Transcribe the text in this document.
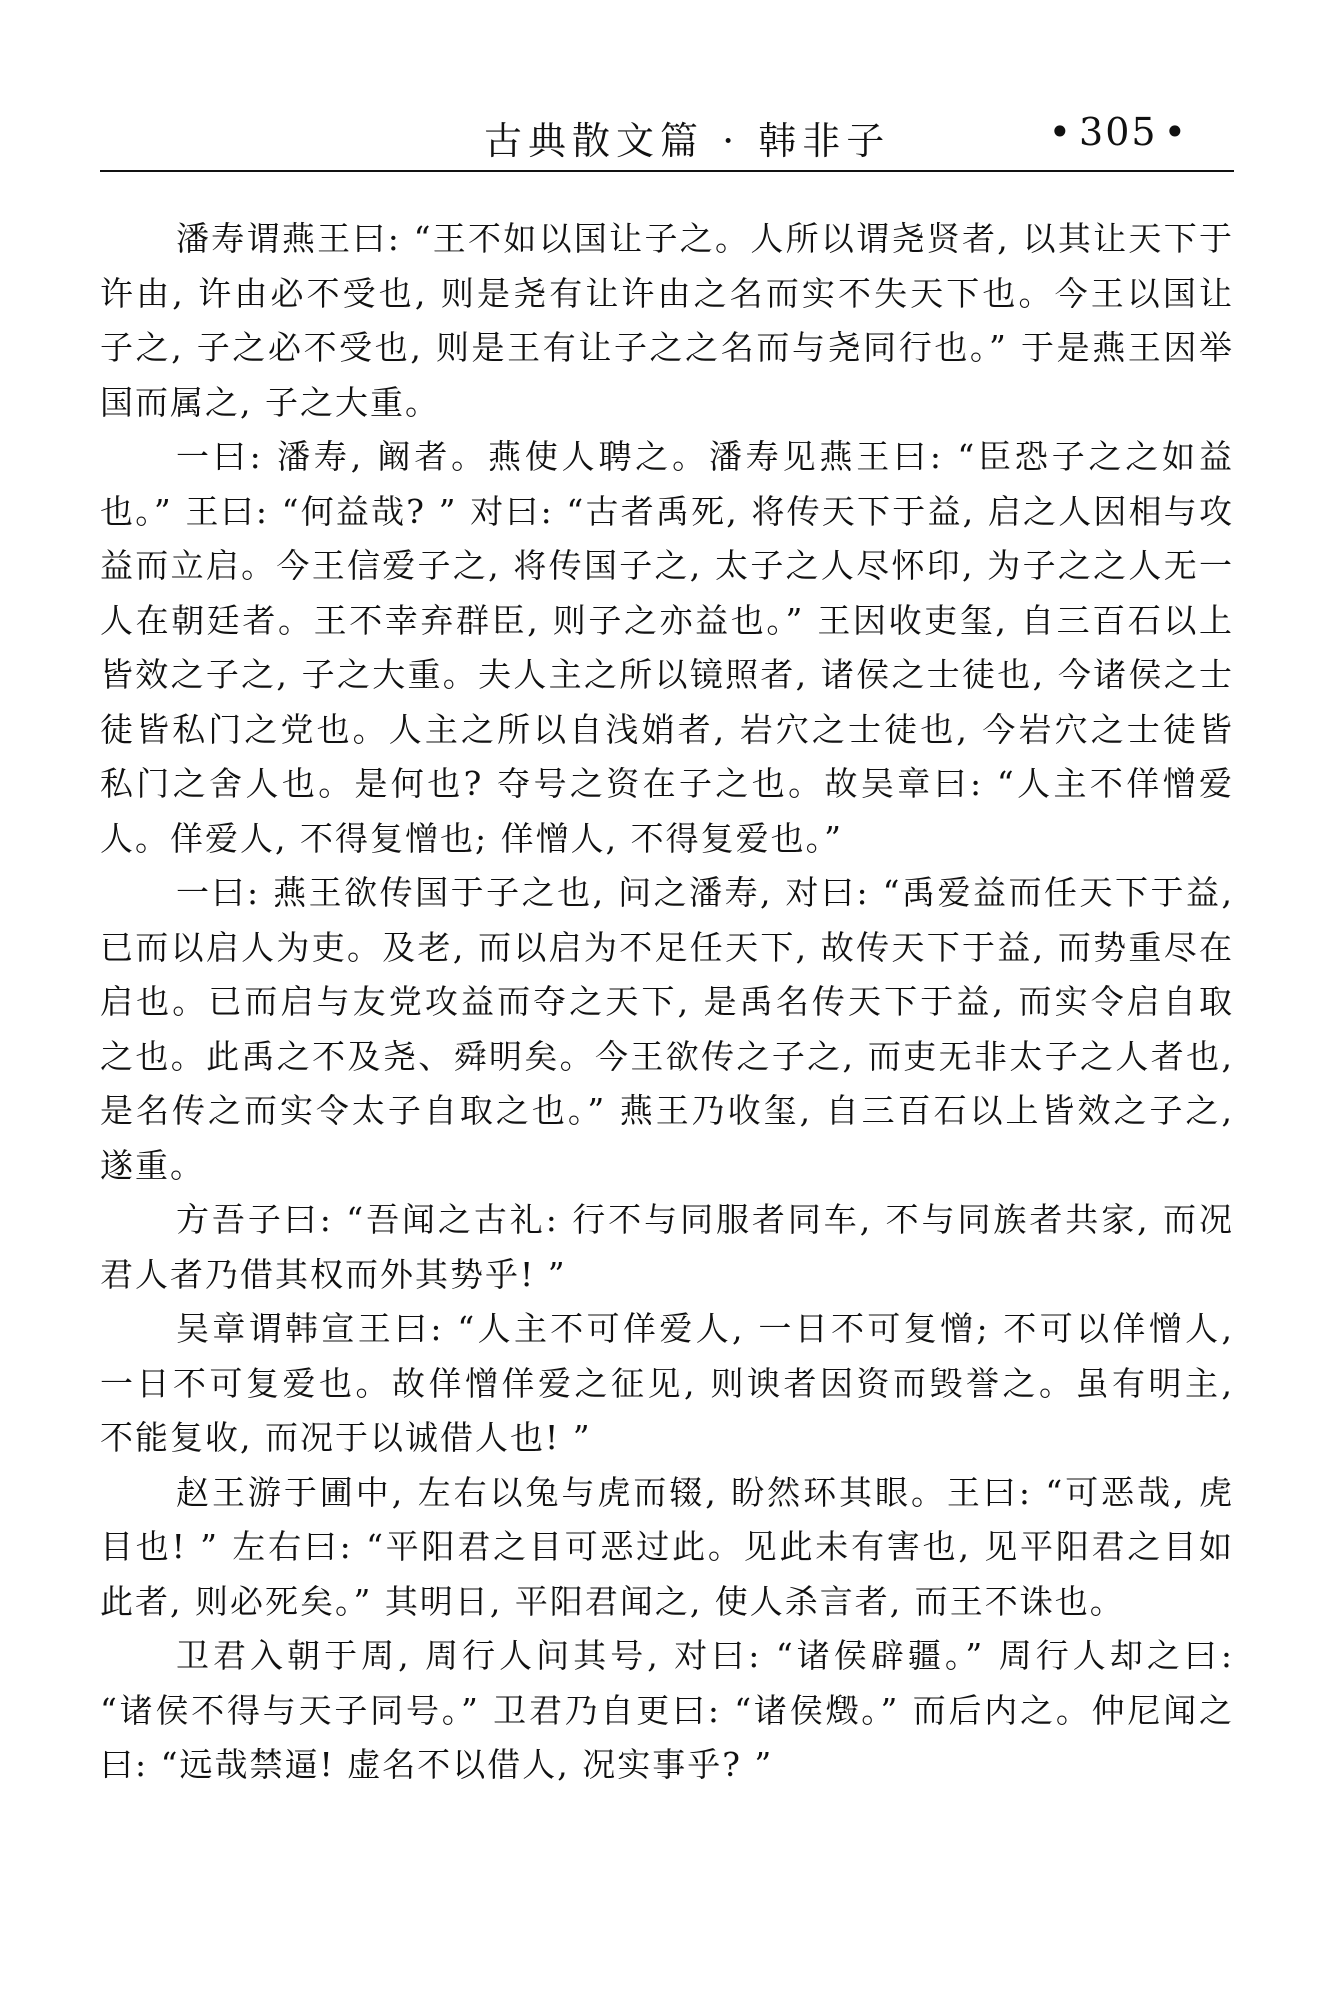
古典散文篇 · 韩非子	• 305 •

潘寿谓燕王曰: “王不如以国让子之。人所以谓尧贤者, 以其让天下于许由, 许由必不受也, 则是尧有让许由之名而实不失天下也。今王以国让子之, 子之必不受也, 则是王有让子之之名而与尧同行也。” 于是燕王因举国而属之, 子之大重。

一曰: 潘寿, 阚者。燕使人聘之。潘寿见燕王曰: “臣恐子之之如益也。” 王曰: “何益哉? ” 对曰: “古者禹死, 将传天下于益, 启之人因相与攻益而立启。今王信爱子之, 将传国子之, 太子之人尽怀印, 为子之之人无一人在朝廷者。王不幸弃群臣, 则子之亦益也。” 王因收吏玺, 自三百石以上皆效之子之, 子之大重。夫人主之所以镜照者, 诸侯之士徒也, 今诸侯之士徒皆私门之党也。人主之所以自浅娋者, 岩穴之士徒也, 今岩穴之士徒皆私门之舍人也。是何也? 夺号之资在子之也。故吴章曰: “人主不佯憎爱人。佯爱人, 不得复憎也; 佯憎人, 不得复爱也。”

一曰: 燕王欲传国于子之也, 问之潘寿, 对曰: “禹爱益而任天下于益, 已而以启人为吏。及老, 而以启为不足任天下, 故传天下于益, 而势重尽在启也。已而启与友党攻益而夺之天下, 是禹名传天下于益, 而实令启自取之也。此禹之不及尧、舜明矣。今王欲传之子之, 而吏无非太子之人者也, 是名传之而实令太子自取之也。” 燕王乃收玺, 自三百石以上皆效之子之, 遂重。

方吾子曰: “吾闻之古礼: 行不与同服者同车, 不与同族者共家, 而况君人者乃借其权而外其势乎! ”

吴章谓韩宣王曰: “人主不可佯爱人, 一日不可复憎; 不可以佯憎人, 一日不可复爱也。故佯憎佯爱之征见, 则谀者因资而毁誉之。虽有明主, 不能复收, 而况于以诚借人也! ”

赵王游于圃中, 左右以兔与虎而辍, 盼然环其眼。王曰: “可恶哉, 虎目也! ” 左右曰: “平阳君之目可恶过此。见此未有害也, 见平阳君之目如此者, 则必死矣。” 其明日, 平阳君闻之, 使人杀言者, 而王不诛也。

卫君入朝于周, 周行人问其号, 对曰: “诸侯辟疆。” 周行人却之曰: “诸侯不得与天子同号。” 卫君乃自更曰: “诸侯燬。” 而后内之。仲尼闻之曰: “远哉禁逼! 虚名不以借人, 况实事乎? ”
